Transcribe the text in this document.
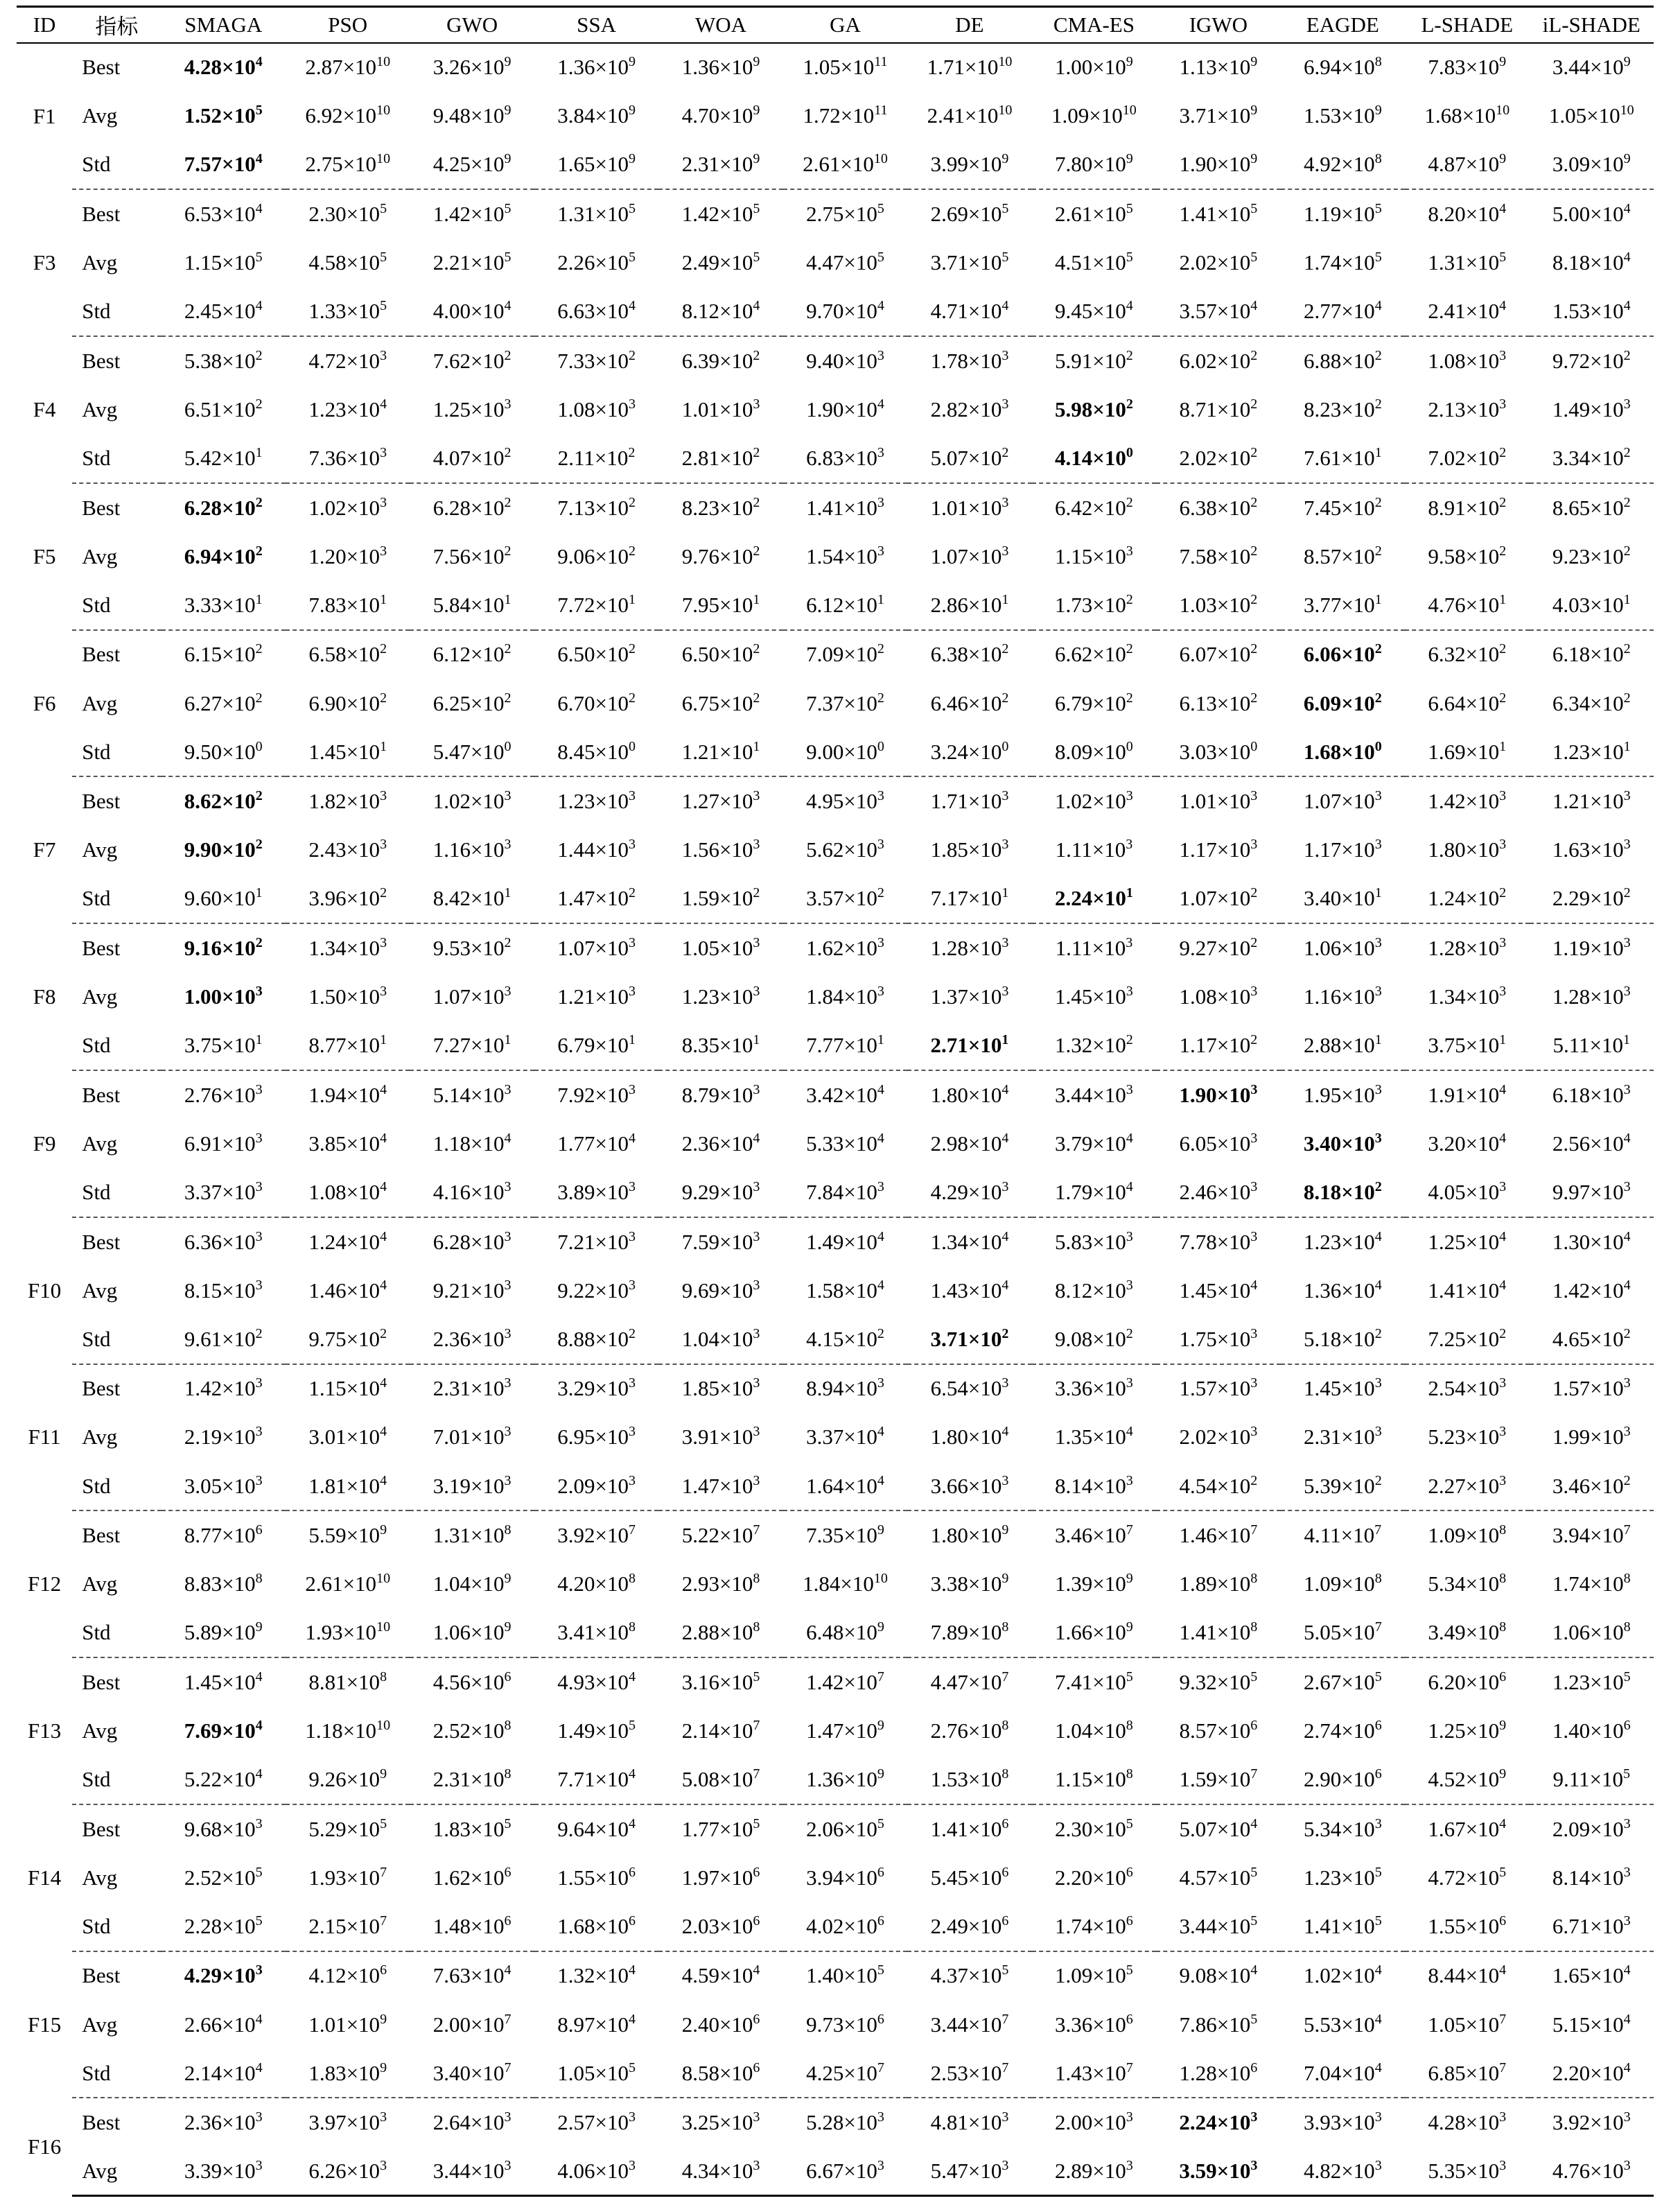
ID	指标	SMAGA	PSO	GWO	SSA	WOA	GA	DE	CMA-ES	IGWO	EAGDE	L-SHADE	iL-SHADE
F1	Best	$4.28\times 10^4$	$2.87\times 10^{10}$	$3.26\times 10^9$	$1.36\times 10^9$	$1.36\times 10^9$	$1.05\times 10^{11}$	$1.71\times 10^{10}$	$1.00\times 10^9$	$1.13\times 10^9$	$6.94\times 10^8$	$7.83\times 10^9$	$3.44\times 10^9$
	Avg	$1.52\times 10^5$	$6.92\times 10^{10}$	$9.48\times 10^9$	$3.84\times 10^9$	$4.70\times 10^9$	$1.72\times 10^{11}$	$2.41\times 10^{10}$	$1.09\times 10^{10}$	$3.71\times 10^9$	$1.53\times 10^9$	$1.68\times 10^{10}$	$1.05\times 10^{10}$
	Std	$7.57\times 10^4$	$2.75\times 10^{10}$	$4.25\times 10^9$	$1.65\times 10^9$	$2.31\times 10^9$	$2.61\times 10^{10}$	$3.99\times 10^9$	$7.80\times 10^9$	$1.90\times 10^9$	$4.92\times 10^8$	$4.87\times 10^9$	$3.09\times 10^9$
F3	Best	$6.53\times 10^4$	$2.30\times 10^5$	$1.42\times 10^5$	$1.31\times 10^5$	$1.42\times 10^5$	$2.75\times 10^5$	$2.69\times 10^5$	$2.61\times 10^5$	$1.41\times 10^5$	$1.19\times 10^5$	$8.20\times 10^4$	$5.00\times 10^4$
	Avg	$1.15\times 10^5$	$4.58\times 10^5$	$2.21\times 10^5$	$2.26\times 10^5$	$2.49\times 10^5$	$4.47\times 10^5$	$3.71\times 10^5$	$4.51\times 10^5$	$2.02\times 10^5$	$1.74\times 10^5$	$1.31\times 10^5$	$8.18\times 10^4$
	Std	$2.45\times 10^4$	$1.33\times 10^5$	$4.00\times 10^4$	$6.63\times 10^4$	$8.12\times 10^4$	$9.70\times 10^4$	$4.71\times 10^4$	$9.45\times 10^4$	$3.57\times 10^4$	$2.77\times 10^4$	$2.41\times 10^4$	$1.53\times 10^4$
F4	Best	$5.38\times 10^2$	$4.72\times 10^3$	$7.62\times 10^2$	$7.33\times 10^2$	$6.39\times 10^2$	$9.40\times 10^3$	$1.78\times 10^3$	$5.91\times 10^2$	$6.02\times 10^2$	$6.88\times 10^2$	$1.08\times 10^3$	$9.72\times 10^2$
	Avg	$6.51\times 10^2$	$1.23\times 10^4$	$1.25\times 10^3$	$1.08\times 10^3$	$1.01\times 10^3$	$1.90\times 10^4$	$2.82\times 10^3$	$5.98\times 10^2$	$8.71\times 10^2$	$8.23\times 10^2$	$2.13\times 10^3$	$1.49\times 10^3$
	Std	$5.42\times 10^1$	$7.36\times 10^3$	$4.07\times 10^2$	$2.11\times 10^2$	$2.81\times 10^2$	$6.83\times 10^3$	$5.07\times 10^2$	$4.14\times 10^0$	$2.02\times 10^2$	$7.61\times 10^1$	$7.02\times 10^2$	$3.34\times 10^2$
F5	Best	$6.28\times 10^2$	$1.02\times 10^3$	$6.28\times 10^2$	$7.13\times 10^2$	$8.23\times 10^2$	$1.41\times 10^3$	$1.01\times 10^3$	$6.42\times 10^2$	$6.38\times 10^2$	$7.45\times 10^2$	$8.91\times 10^2$	$8.65\times 10^2$
	Avg	$6.94\times 10^2$	$1.20\times 10^3$	$7.56\times 10^2$	$9.06\times 10^2$	$9.76\times 10^2$	$1.54\times 10^3$	$1.07\times 10^3$	$1.15\times 10^3$	$7.58\times 10^2$	$8.57\times 10^2$	$9.58\times 10^2$	$9.23\times 10^2$
	Std	$3.33\times 10^1$	$7.83\times 10^1$	$5.84\times 10^1$	$7.72\times 10^1$	$7.95\times 10^1$	$6.12\times 10^1$	$2.86\times 10^1$	$1.73\times 10^2$	$1.03\times 10^2$	$3.77\times 10^1$	$4.76\times 10^1$	$4.03\times 10^1$
F6	Best	$6.15\times 10^2$	$6.58\times 10^2$	$6.12\times 10^2$	$6.50\times 10^2$	$6.50\times 10^2$	$7.09\times 10^2$	$6.38\times 10^2$	$6.62\times 10^2$	$6.07\times 10^2$	$6.06\times 10^2$	$6.32\times 10^2$	$6.18\times 10^2$
	Avg	$6.27\times 10^2$	$6.90\times 10^2$	$6.25\times 10^2$	$6.70\times 10^2$	$6.75\times 10^2$	$7.37\times 10^2$	$6.46\times 10^2$	$6.79\times 10^2$	$6.13\times 10^2$	$6.09\times 10^2$	$6.64\times 10^2$	$6.34\times 10^2$
	Std	$9.50\times 10^0$	$1.45\times 10^1$	$5.47\times 10^0$	$8.45\times 10^0$	$1.21\times 10^1$	$9.00\times 10^0$	$3.24\times 10^0$	$8.09\times 10^0$	$3.03\times 10^0$	$1.68\times 10^0$	$1.69\times 10^1$	$1.23\times 10^1$
F7	Best	$8.62\times 10^2$	$1.82\times 10^3$	$1.02\times 10^3$	$1.23\times 10^3$	$1.27\times 10^3$	$4.95\times 10^3$	$1.71\times 10^3$	$1.02\times 10^3$	$1.01\times 10^3$	$1.07\times 10^3$	$1.42\times 10^3$	$1.21\times 10^3$
	Avg	$9.90\times 10^2$	$2.43\times 10^3$	$1.16\times 10^3$	$1.44\times 10^3$	$1.56\times 10^3$	$5.62\times 10^3$	$1.85\times 10^3$	$1.11\times 10^3$	$1.17\times 10^3$	$1.17\times 10^3$	$1.80\times 10^3$	$1.63\times 10^3$
	Std	$9.60\times 10^1$	$3.96\times 10^2$	$8.42\times 10^1$	$1.47\times 10^2$	$1.59\times 10^2$	$3.57\times 10^2$	$7.17\times 10^1$	$2.24\times 10^1$	$1.07\times 10^2$	$3.40\times 10^1$	$1.24\times 10^2$	$2.29\times 10^2$
F8	Best	$9.16\times 10^2$	$1.34\times 10^3$	$9.53\times 10^2$	$1.07\times 10^3$	$1.05\times 10^3$	$1.62\times 10^3$	$1.28\times 10^3$	$1.11\times 10^3$	$9.27\times 10^2$	$1.06\times 10^3$	$1.28\times 10^3$	$1.19\times 10^3$
	Avg	$1.00\times 10^3$	$1.50\times 10^3$	$1.07\times 10^3$	$1.21\times 10^3$	$1.23\times 10^3$	$1.84\times 10^3$	$1.37\times 10^3$	$1.45\times 10^3$	$1.08\times 10^3$	$1.16\times 10^3$	$1.34\times 10^3$	$1.28\times 10^3$
	Std	$3.75\times 10^1$	$8.77\times 10^1$	$7.27\times 10^1$	$6.79\times 10^1$	$8.35\times 10^1$	$7.77\times 10^1$	$2.71\times 10^1$	$1.32\times 10^2$	$1.17\times 10^2$	$2.88\times 10^1$	$3.75\times 10^1$	$5.11\times 10^1$
F9	Best	$2.76\times 10^3$	$1.94\times 10^4$	$5.14\times 10^3$	$7.92\times 10^3$	$8.79\times 10^3$	$3.42\times 10^4$	$1.80\times 10^4$	$3.44\times 10^3$	$1.90\times 10^3$	$1.95\times 10^3$	$1.91\times 10^4$	$6.18\times 10^3$
	Avg	$6.91\times 10^3$	$3.85\times 10^4$	$1.18\times 10^4$	$1.77\times 10^4$	$2.36\times 10^4$	$5.33\times 10^4$	$2.98\times 10^4$	$3.79\times 10^4$	$6.05\times 10^3$	$3.40\times 10^3$	$3.20\times 10^4$	$2.56\times 10^4$
	Std	$3.37\times 10^3$	$1.08\times 10^4$	$4.16\times 10^3$	$3.89\times 10^3$	$9.29\times 10^3$	$7.84\times 10^3$	$4.29\times 10^3$	$1.79\times 10^4$	$2.46\times 10^3$	$8.18\times 10^2$	$4.05\times 10^3$	$9.97\times 10^3$
F10	Best	$6.36\times 10^3$	$1.24\times 10^4$	$6.28\times 10^3$	$7.21\times 10^3$	$7.59\times 10^3$	$1.49\times 10^4$	$1.34\times 10^4$	$5.83\times 10^3$	$7.78\times 10^3$	$1.23\times 10^4$	$1.25\times 10^4$	$1.30\times 10^4$
	Avg	$8.15\times 10^3$	$1.46\times 10^4$	$9.21\times 10^3$	$9.22\times 10^3$	$9.69\times 10^3$	$1.58\times 10^4$	$1.43\times 10^4$	$8.12\times 10^3$	$1.45\times 10^4$	$1.36\times 10^4$	$1.41\times 10^4$	$1.42\times 10^4$
	Std	$9.61\times 10^2$	$9.75\times 10^2$	$2.36\times 10^3$	$8.88\times 10^2$	$1.04\times 10^3$	$4.15\times 10^2$	$3.71\times 10^2$	$9.08\times 10^2$	$1.75\times 10^3$	$5.18\times 10^2$	$7.25\times 10^2$	$4.65\times 10^2$
F11	Best	$1.42\times 10^3$	$1.15\times 10^4$	$2.31\times 10^3$	$3.29\times 10^3$	$1.85\times 10^3$	$8.94\times 10^3$	$6.54\times 10^3$	$3.36\times 10^3$	$1.57\times 10^3$	$1.45\times 10^3$	$2.54\times 10^3$	$1.57\times 10^3$
	Avg	$2.19\times 10^3$	$3.01\times 10^4$	$7.01\times 10^3$	$6.95\times 10^3$	$3.91\times 10^3$	$3.37\times 10^4$	$1.80\times 10^4$	$1.35\times 10^4$	$2.02\times 10^3$	$2.31\times 10^3$	$5.23\times 10^3$	$1.99\times 10^3$
	Std	$3.05\times 10^3$	$1.81\times 10^4$	$3.19\times 10^3$	$2.09\times 10^3$	$1.47\times 10^3$	$1.64\times 10^4$	$3.66\times 10^3$	$8.14\times 10^3$	$4.54\times 10^2$	$5.39\times 10^2$	$2.27\times 10^3$	$3.46\times 10^2$
F12	Best	$8.77\times 10^6$	$5.59\times 10^9$	$1.31\times 10^8$	$3.92\times 10^7$	$5.22\times 10^7$	$7.35\times 10^9$	$1.80\times 10^9$	$3.46\times 10^7$	$1.46\times 10^7$	$4.11\times 10^7$	$1.09\times 10^8$	$3.94\times 10^7$
	Avg	$8.83\times 10^8$	$2.61\times 10^{10}$	$1.04\times 10^9$	$4.20\times 10^8$	$2.93\times 10^8$	$1.84\times 10^{10}$	$3.38\times 10^9$	$1.39\times 10^9$	$1.89\times 10^8$	$1.09\times 10^8$	$5.34\times 10^8$	$1.74\times 10^8$
	Std	$5.89\times 10^9$	$1.93\times 10^{10}$	$1.06\times 10^9$	$3.41\times 10^8$	$2.88\times 10^8$	$6.48\times 10^9$	$7.89\times 10^8$	$1.66\times 10^9$	$1.41\times 10^8$	$5.05\times 10^7$	$3.49\times 10^8$	$1.06\times 10^8$
F13	Best	$1.45\times 10^4$	$8.81\times 10^8$	$4.56\times 10^6$	$4.93\times 10^4$	$3.16\times 10^5$	$1.42\times 10^7$	$4.47\times 10^7$	$7.41\times 10^5$	$9.32\times 10^5$	$2.67\times 10^5$	$6.20\times 10^6$	$1.23\times 10^5$
	Avg	$7.69\times 10^4$	$1.18\times 10^{10}$	$2.52\times 10^8$	$1.49\times 10^5$	$2.14\times 10^7$	$1.47\times 10^9$	$2.76\times 10^8$	$1.04\times 10^8$	$8.57\times 10^6$	$2.74\times 10^6$	$1.25\times 10^9$	$1.40\times 10^6$
	Std	$5.22\times 10^4$	$9.26\times 10^9$	$2.31\times 10^8$	$7.71\times 10^4$	$5.08\times 10^7$	$1.36\times 10^9$	$1.53\times 10^8$	$1.15\times 10^8$	$1.59\times 10^7$	$2.90\times 10^6$	$4.52\times 10^9$	$9.11\times 10^5$
F14	Best	$9.68\times 10^3$	$5.29\times 10^5$	$1.83\times 10^5$	$9.64\times 10^4$	$1.77\times 10^5$	$2.06\times 10^5$	$1.41\times 10^6$	$2.30\times 10^5$	$5.07\times 10^4$	$5.34\times 10^3$	$1.67\times 10^4$	$2.09\times 10^3$
	Avg	$2.52\times 10^5$	$1.93\times 10^7$	$1.62\times 10^6$	$1.55\times 10^6$	$1.97\times 10^6$	$3.94\times 10^6$	$5.45\times 10^6$	$2.20\times 10^6$	$4.57\times 10^5$	$1.23\times 10^5$	$4.72\times 10^5$	$8.14\times 10^3$
	Std	$2.28\times 10^5$	$2.15\times 10^7$	$1.48\times 10^6$	$1.68\times 10^6$	$2.03\times 10^6$	$4.02\times 10^6$	$2.49\times 10^6$	$1.74\times 10^6$	$3.44\times 10^5$	$1.41\times 10^5$	$1.55\times 10^6$	$6.71\times 10^3$
F15	Best	$4.29\times 10^3$	$4.12\times 10^6$	$7.63\times 10^4$	$1.32\times 10^4$	$4.59\times 10^4$	$1.40\times 10^5$	$4.37\times 10^5$	$1.09\times 10^5$	$9.08\times 10^4$	$1.02\times 10^4$	$8.44\times 10^4$	$1.65\times 10^4$
	Avg	$2.66\times 10^4$	$1.01\times 10^9$	$2.00\times 10^7$	$8.97\times 10^4$	$2.40\times 10^6$	$9.73\times 10^6$	$3.44\times 10^7$	$3.36\times 10^6$	$7.86\times 10^5$	$5.53\times 10^4$	$1.05\times 10^7$	$5.15\times 10^4$
	Std	$2.14\times 10^4$	$1.83\times 10^9$	$3.40\times 10^7$	$1.05\times 10^5$	$8.58\times 10^6$	$4.25\times 10^7$	$2.53\times 10^7$	$1.43\times 10^7$	$1.28\times 10^6$	$7.04\times 10^4$	$6.85\times 10^7$	$2.20\times 10^4$
F16	Best	$2.36\times 10^3$	$3.97\times 10^3$	$2.64\times 10^3$	$2.57\times 10^3$	$3.25\times 10^3$	$5.28\times 10^3$	$4.81\times 10^3$	$2.00\times 10^3$	$2.24\times 10^3$	$3.93\times 10^3$	$4.28\times 10^3$	$3.92\times 10^3$
	Avg	$3.39\times 10^3$	$6.26\times 10^3$	$3.44\times 10^3$	$4.06\times 10^3$	$4.34\times 10^3$	$6.67\times 10^3$	$5.47\times 10^3$	$2.89\times 10^3$	$3.59\times 10^3$	$4.82\times 10^3$	$5.35\times 10^3$	$4.76\times 10^3$
